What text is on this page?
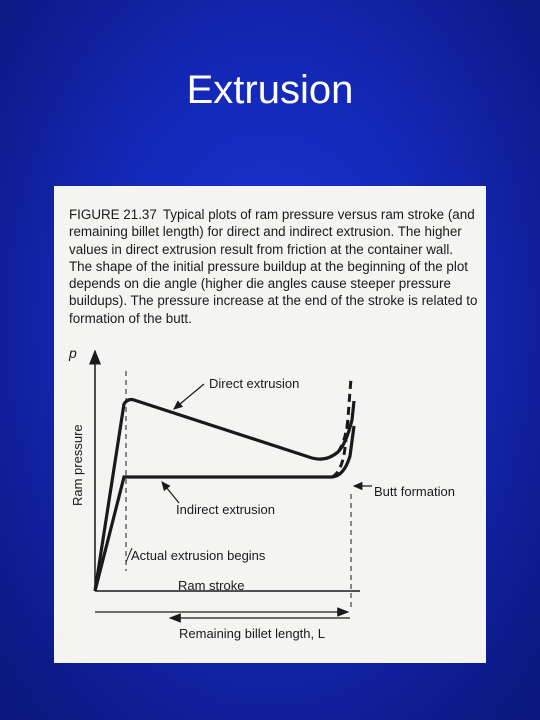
Extrusion

FIGURE 21.37 Typical plots of ram pressure versus ram stroke (and remaining billet length) for direct and indirect extrusion. The higher values in direct extrusion result from friction at the container wall. The shape of the initial pressure buildup at the beginning of the plot depends on die angle (higher die angles cause steeper pressure buildups). The pressure increase at the end of the stroke is related to formation of the butt.
p
Ram pressure
Direct extrusion
Indirect extrusion
Butt formation
Actual extrusion begins
Ram stroke
Remaining billet length, L
